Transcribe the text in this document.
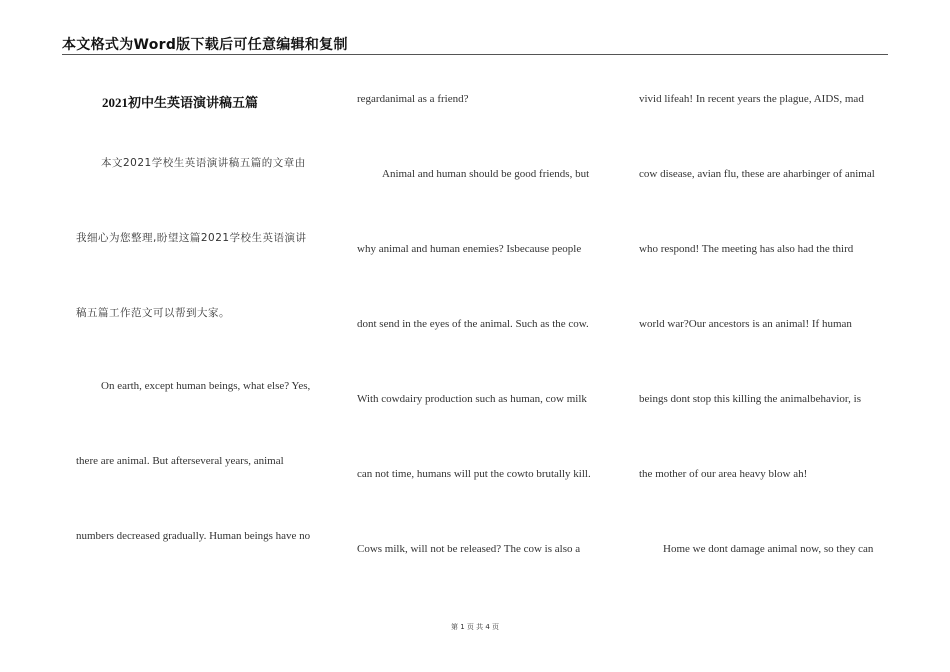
本文格式为Word版下载后可任意编辑和复制
2021初中生英语演讲稿五篇
本文2021学校生英语演讲稿五篇的文章由
我细心为您整理,盼望这篇2021学校生英语演讲
稿五篇工作范文可以帮到大家。
On earth, except human beings, what else? Yes,
there are animal. But afterseveral years, animal
numbers decreased gradually. Human beings have no
regardanimal as a friend?
Animal and human should be good friends, but
why animal and human enemies? Isbecause people
dont send in the eyes of the animal. Such as the cow.
With cowdairy production such as human, cow milk
can not time, humans will put the cowto brutally kill.
Cows milk, will not be released? The cow is also a
vivid lifeah! In recent years the plague, AIDS, mad
cow disease, avian flu, these are aharbinger of animal
who respond! The meeting has also had the third
world war?Our ancestors is an animal! If human
beings dont stop this killing the animalbehavior, is
the mother of our area heavy blow ah!
Home we dont damage animal now, so they can
第 1 页 共 4 页
